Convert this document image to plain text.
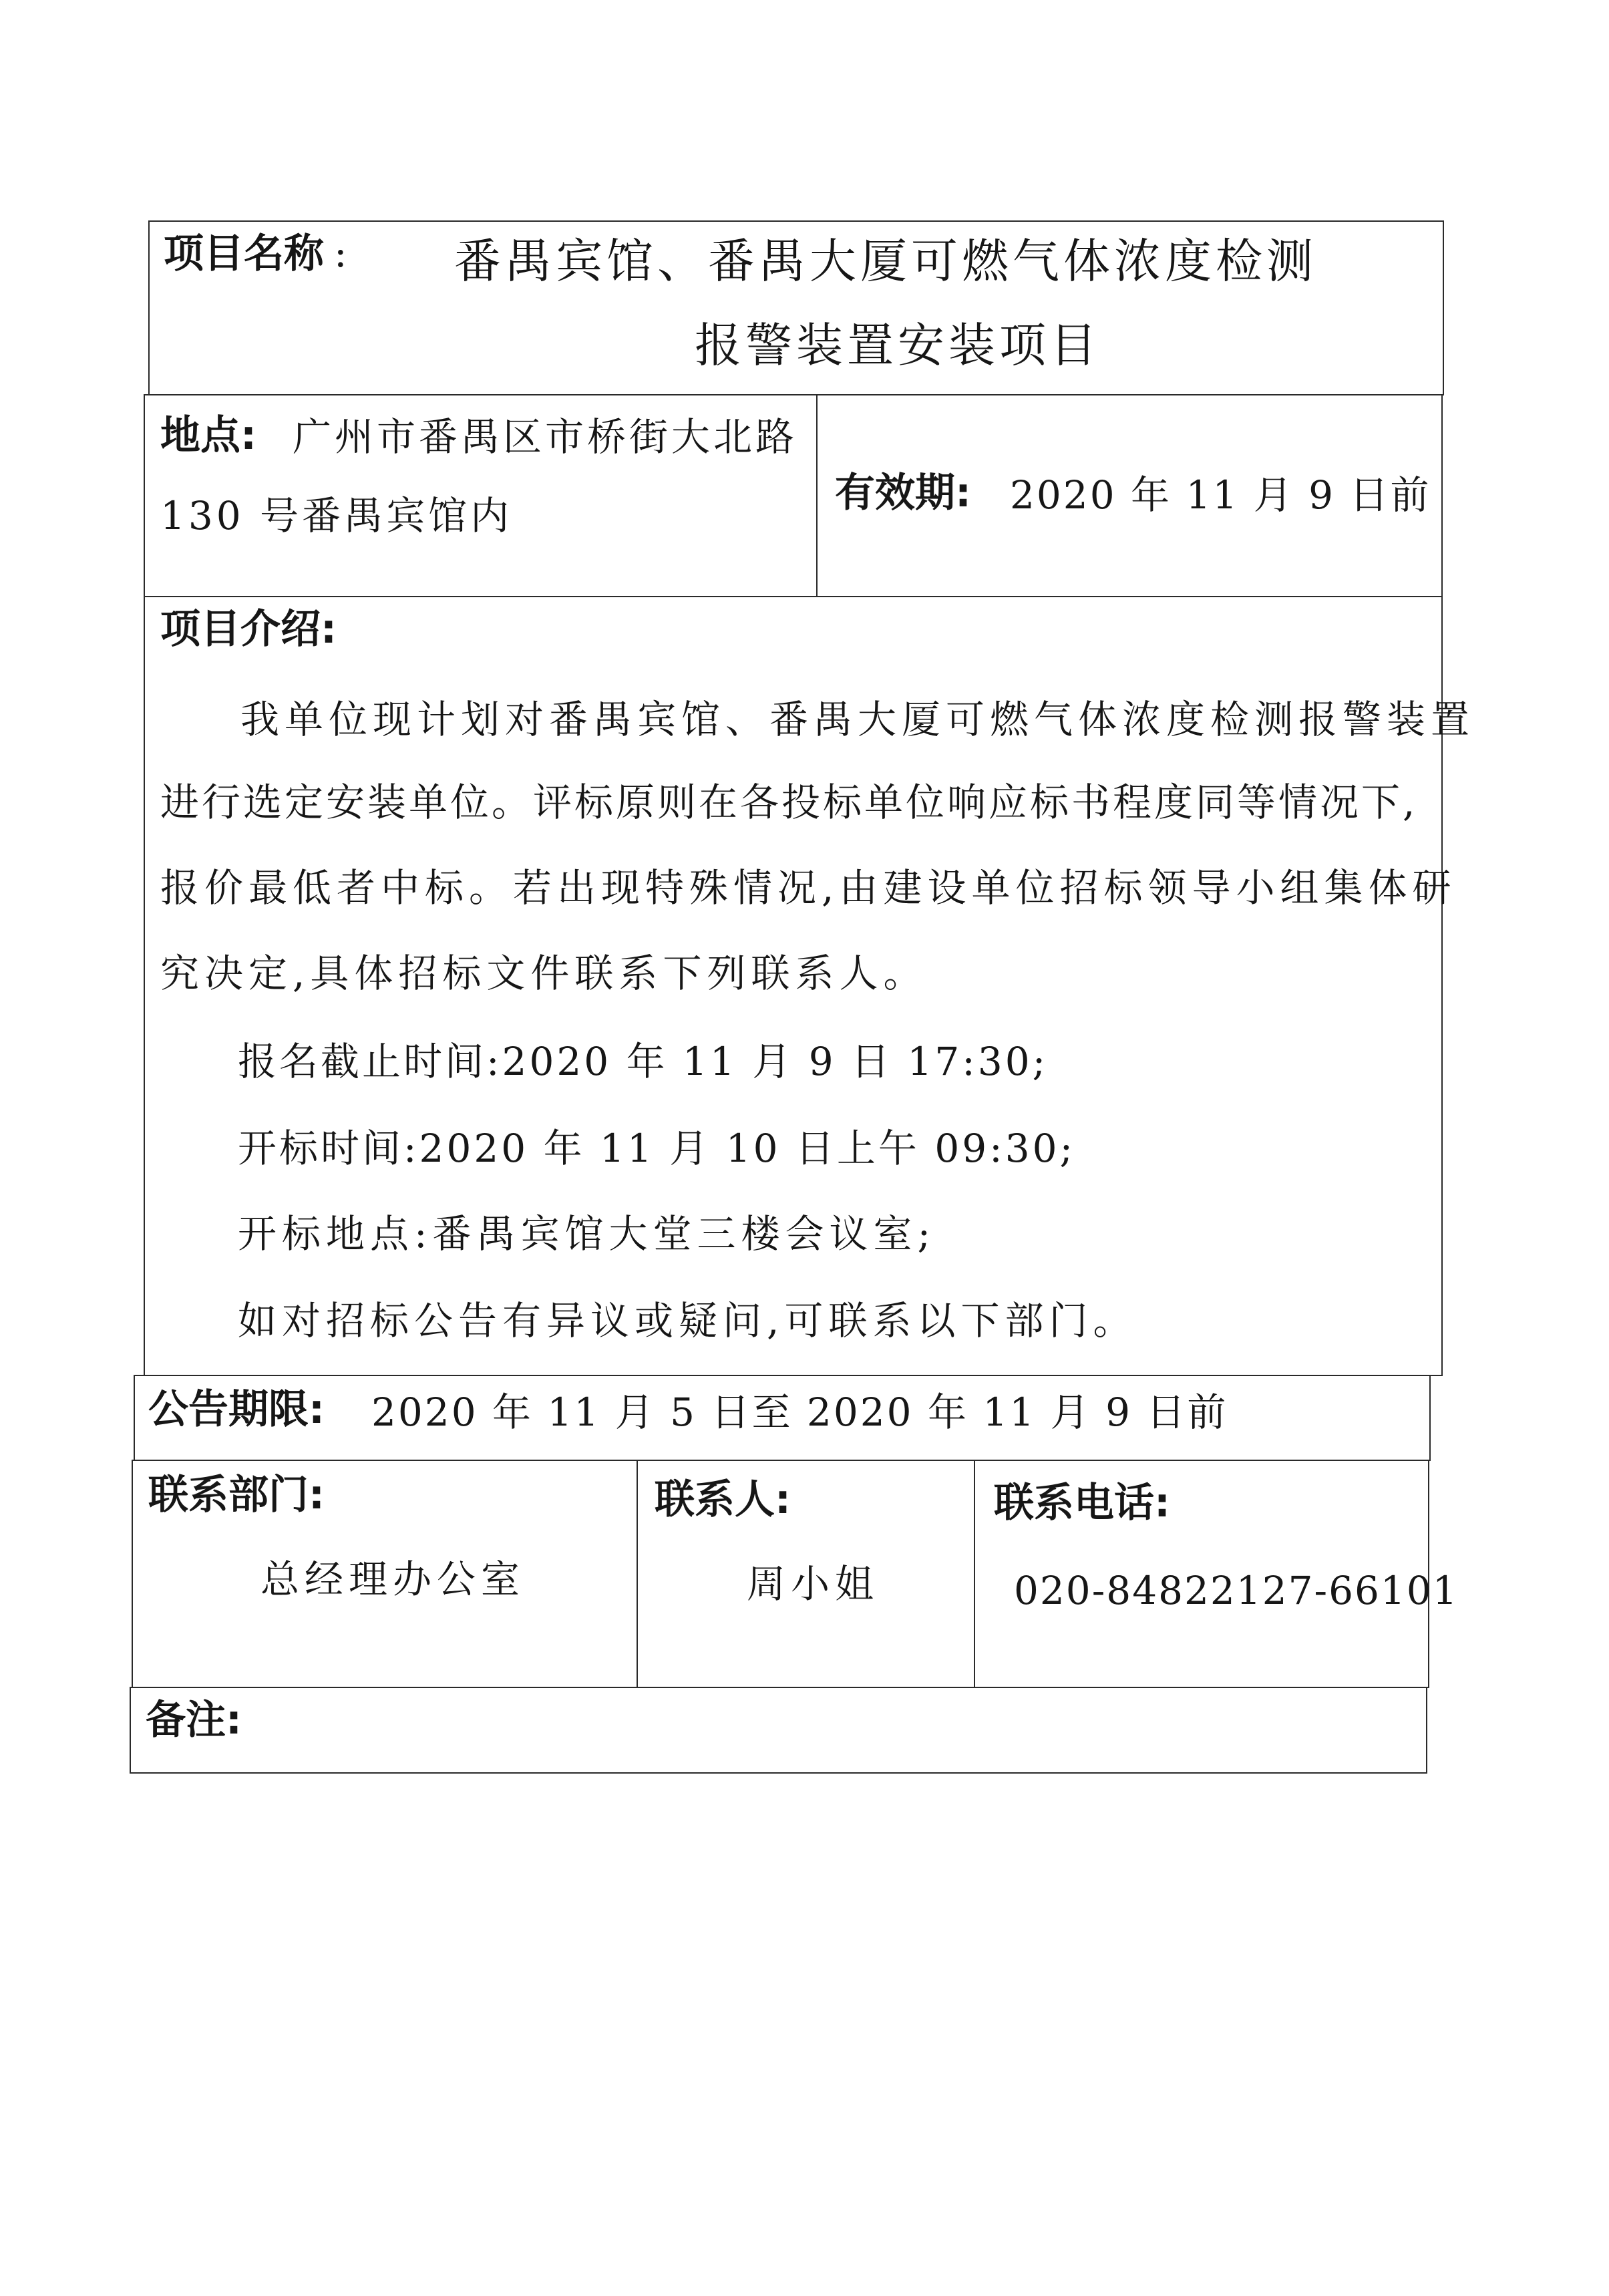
项目名称 : 番禺宾馆、番禺大厦可燃气体浓度检测
报警装置安装项目
地点: 广州市番禺区市桥街大北路
130 号番禺宾馆内	有效期: 2020 年 11 月 9 日前
项目介绍:
我单位现计划对番禺宾馆、番禺大厦可燃气体浓度检测报警装置
进行选定安装单位。评标原则在各投标单位响应标书程度同等情况下,
报价最低者中标。若出现特殊情况,由建设单位招标领导小组集体研
究决定,具体招标文件联系下列联系人。
报名截止时间:2020 年 11 月 9 日 17:30;
开标时间:2020 年 11 月 10 日上午 09:30;
开标地点:番禺宾馆大堂三楼会议室;
如对招标公告有异议或疑问,可联系以下部门。
公告期限: 2020 年 11 月 5 日至 2020 年 11 月 9 日前
联系部门:
总经理办公室
联系人:
周小姐
联系电话:
020-84822127-66101
备注:
